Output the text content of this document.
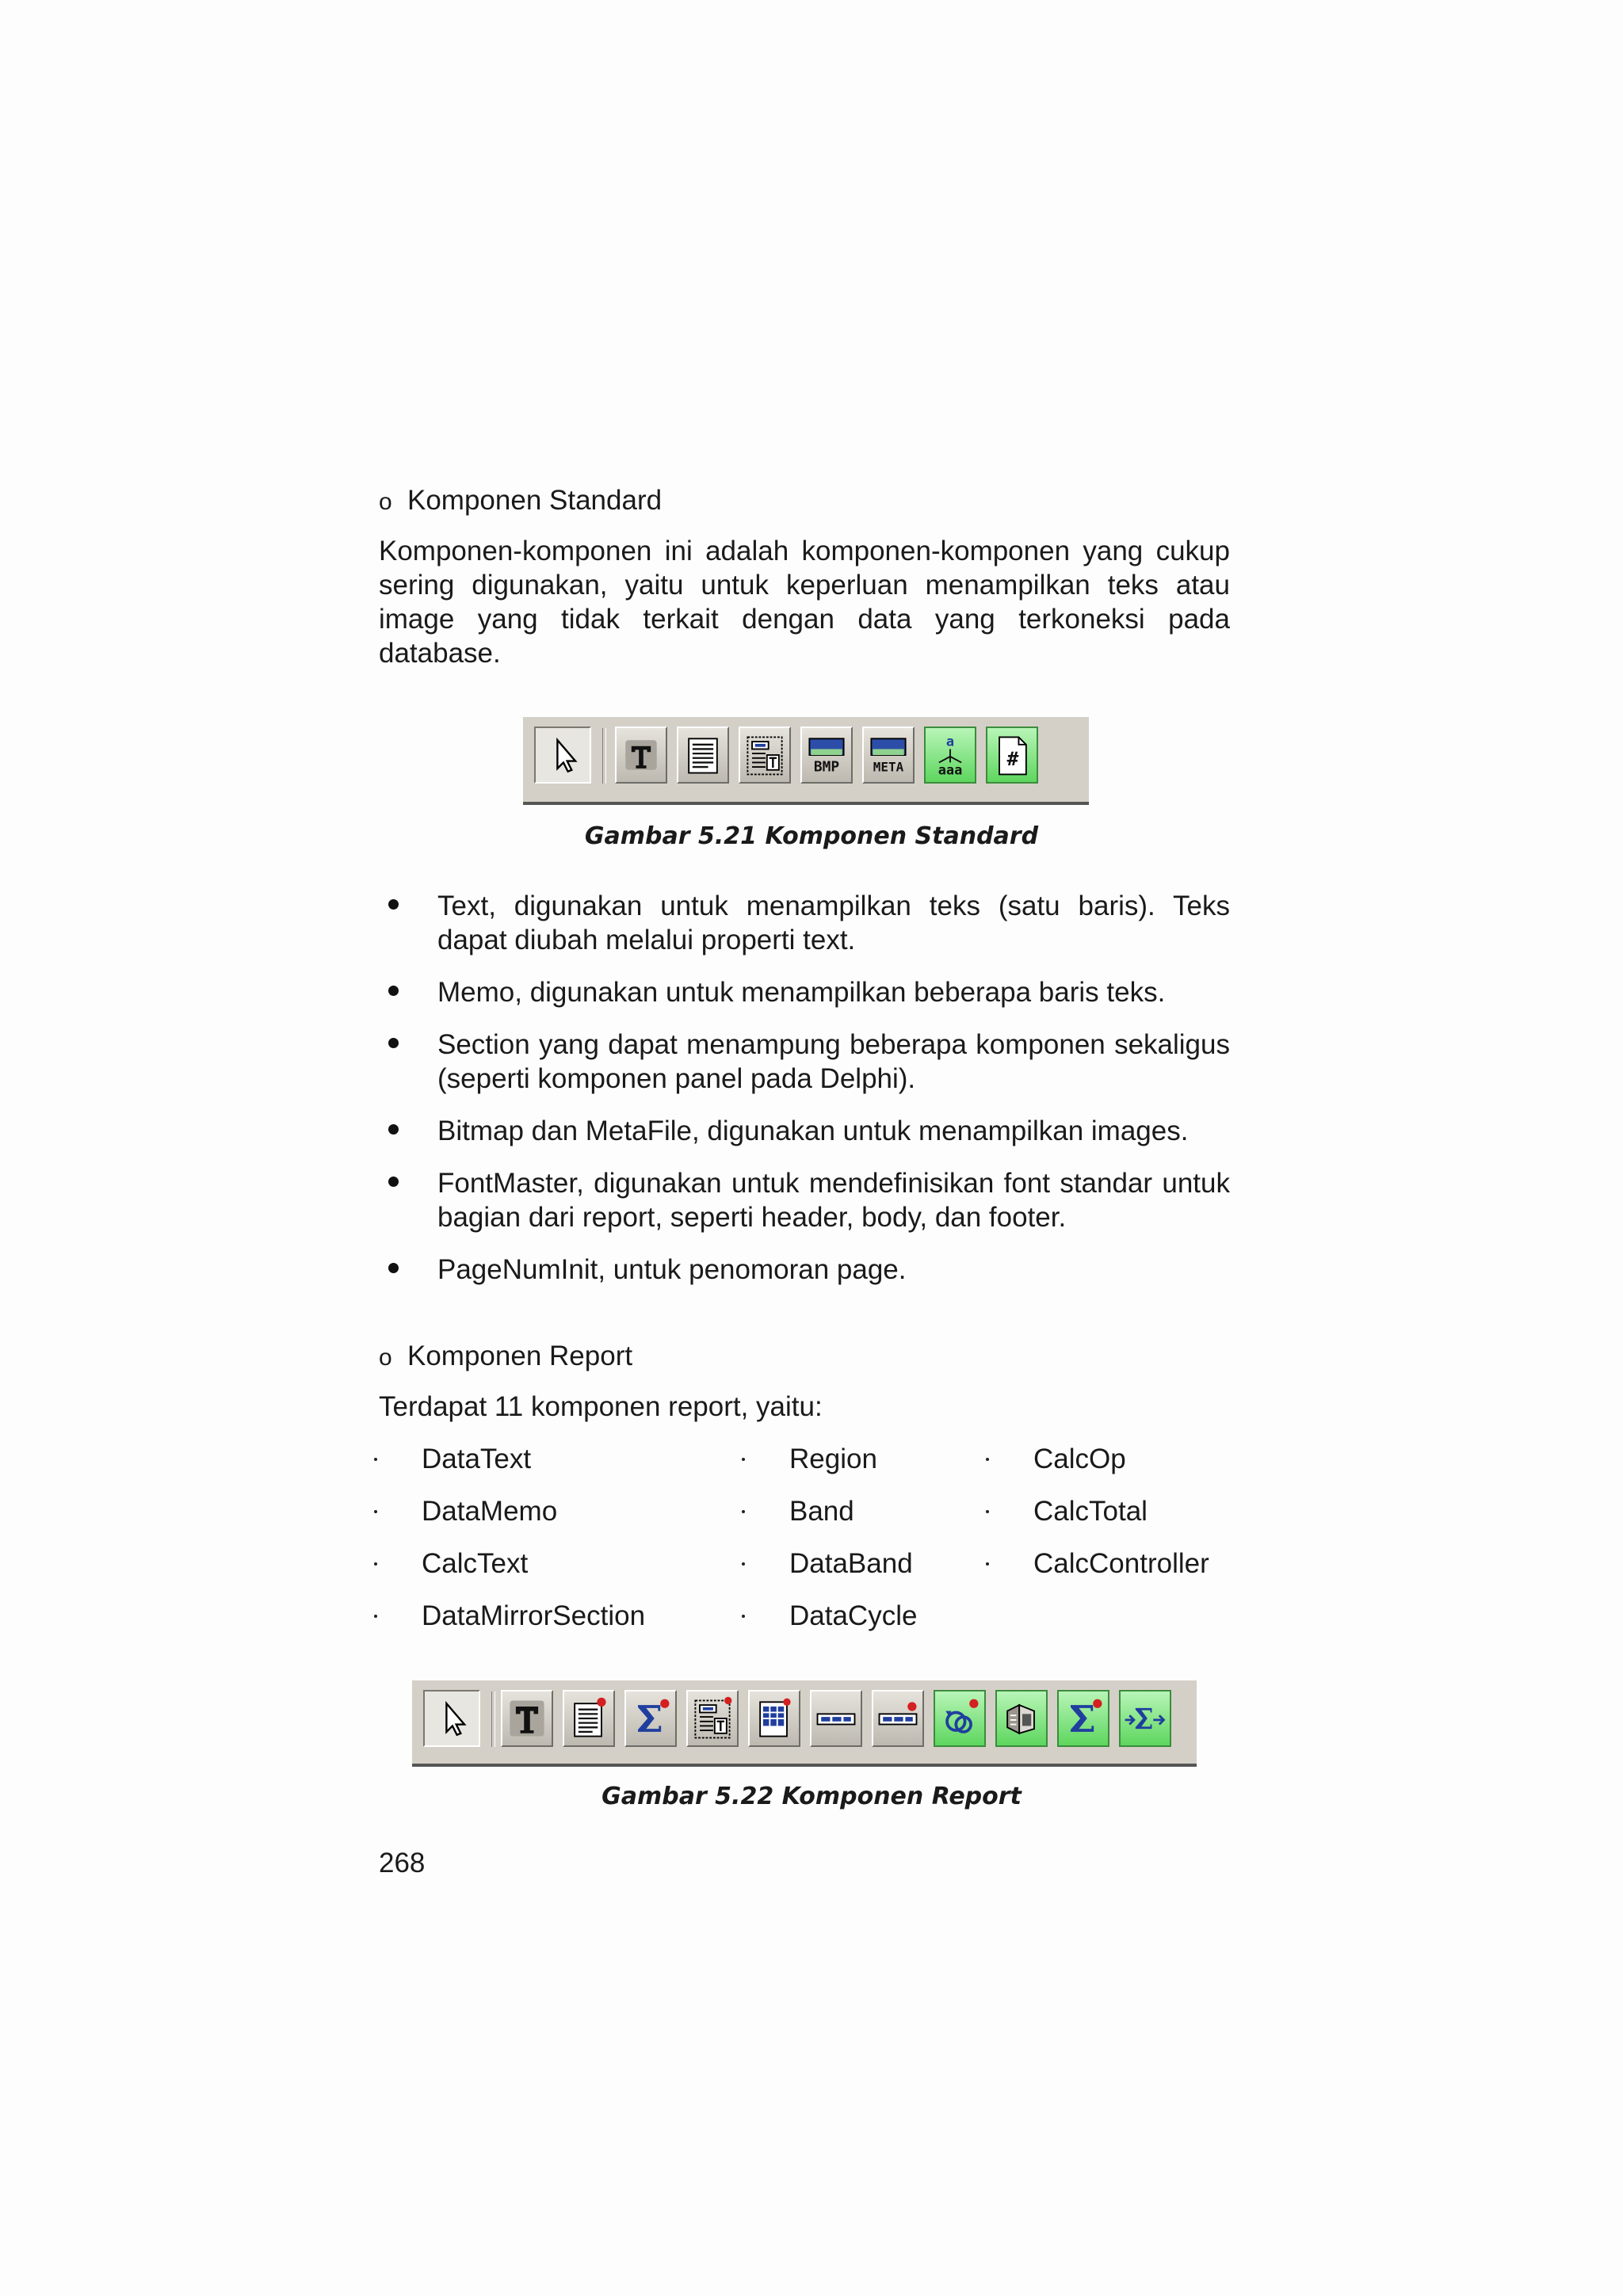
o Komponen Standard
Komponen-komponen ini adalah komponen-komponen yang cukup
sering digunakan, yaitu untuk keperluan menampilkan teks atau
image yang tidak terkait dengan data yang terkoneksi pada
database.
BMP	META
a
aaa #
Gambar 5.21 Komponen Standard
Text, digunakan untuk menampilkan teks (satu baris). Teks dapat diubah melalui properti text.
Memo, digunakan untuk menampilkan beberapa baris teks.
Section yang dapat menampung beberapa komponen sekaligus (seperti komponen panel pada Delphi).
Bitmap dan MetaFile, digunakan untuk menampilkan images.
FontMaster, digunakan untuk mendefinisikan font standar untuk bagian dari report, seperti header, body, dan footer.
PageNumInit, untuk penomoran page.
o Komponen Report
Terdapat 11 komponen report, yaitu:
DataText
DataMemo
CalcText
DataMirrorSection
Region
Band
DataBand
DataCycle
CalcOp
CalcTotal
CalcController
Gambar 5.22 Komponen Report
268
